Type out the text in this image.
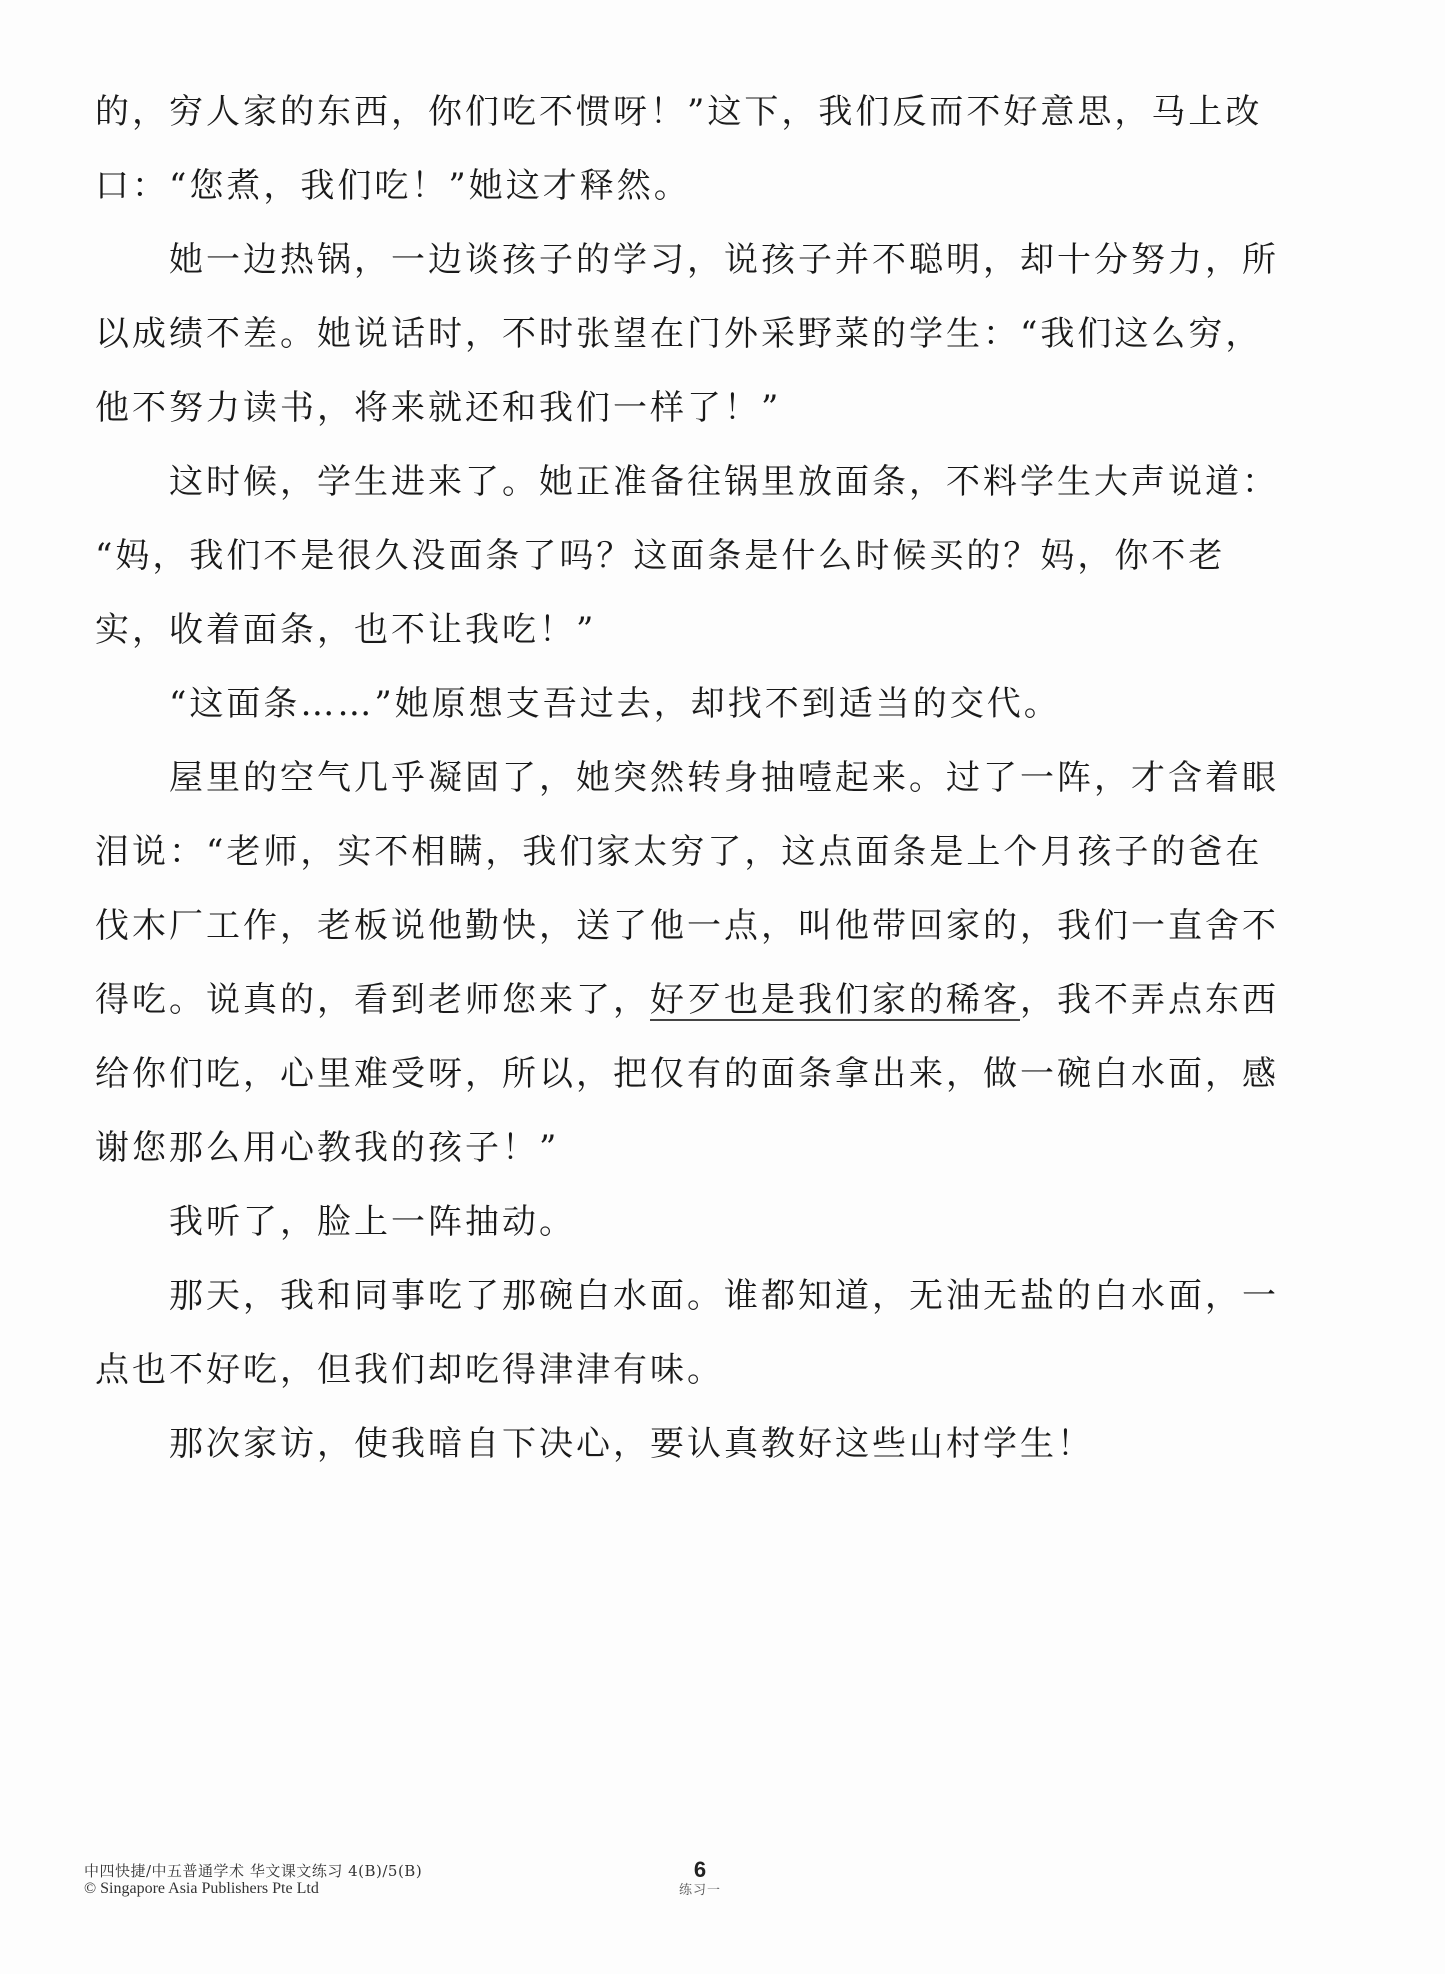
的，穷人家的东西，你们吃不惯呀！”这下，我们反而不好意思，马上改
口：“您煮，我们吃！”她这才释然。
她一边热锅，一边谈孩子的学习，说孩子并不聪明，却十分努力，所
以成绩不差。她说话时，不时张望在门外采野菜的学生：“我们这么穷，
他不努力读书，将来就还和我们一样了！”
这时候，学生进来了。她正准备往锅里放面条，不料学生大声说道：
“妈，我们不是很久没面条了吗？这面条是什么时候买的？妈，你不老
实，收着面条，也不让我吃！”
“这面条……”她原想支吾过去，却找不到适当的交代。
屋里的空气几乎凝固了，她突然转身抽噎起来。过了一阵，才含着眼
泪说：“老师，实不相瞒，我们家太穷了，这点面条是上个月孩子的爸在
伐木厂工作，老板说他勤快，送了他一点，叫他带回家的，我们一直舍不
得吃。说真的，看到老师您来了，好歹也是我们家的稀客，我不弄点东西
给你们吃，心里难受呀，所以，把仅有的面条拿出来，做一碗白水面，感
谢您那么用心教我的孩子！”
我听了，脸上一阵抽动。
那天，我和同事吃了那碗白水面。谁都知道，无油无盐的白水面，一
点也不好吃，但我们却吃得津津有味。
那次家访，使我暗自下决心，要认真教好这些山村学生！
中四快捷/中五普通学术 华文课文练习 4(B)/5(B)
© Singapore Asia Publishers Pte Ltd
6
练习一
